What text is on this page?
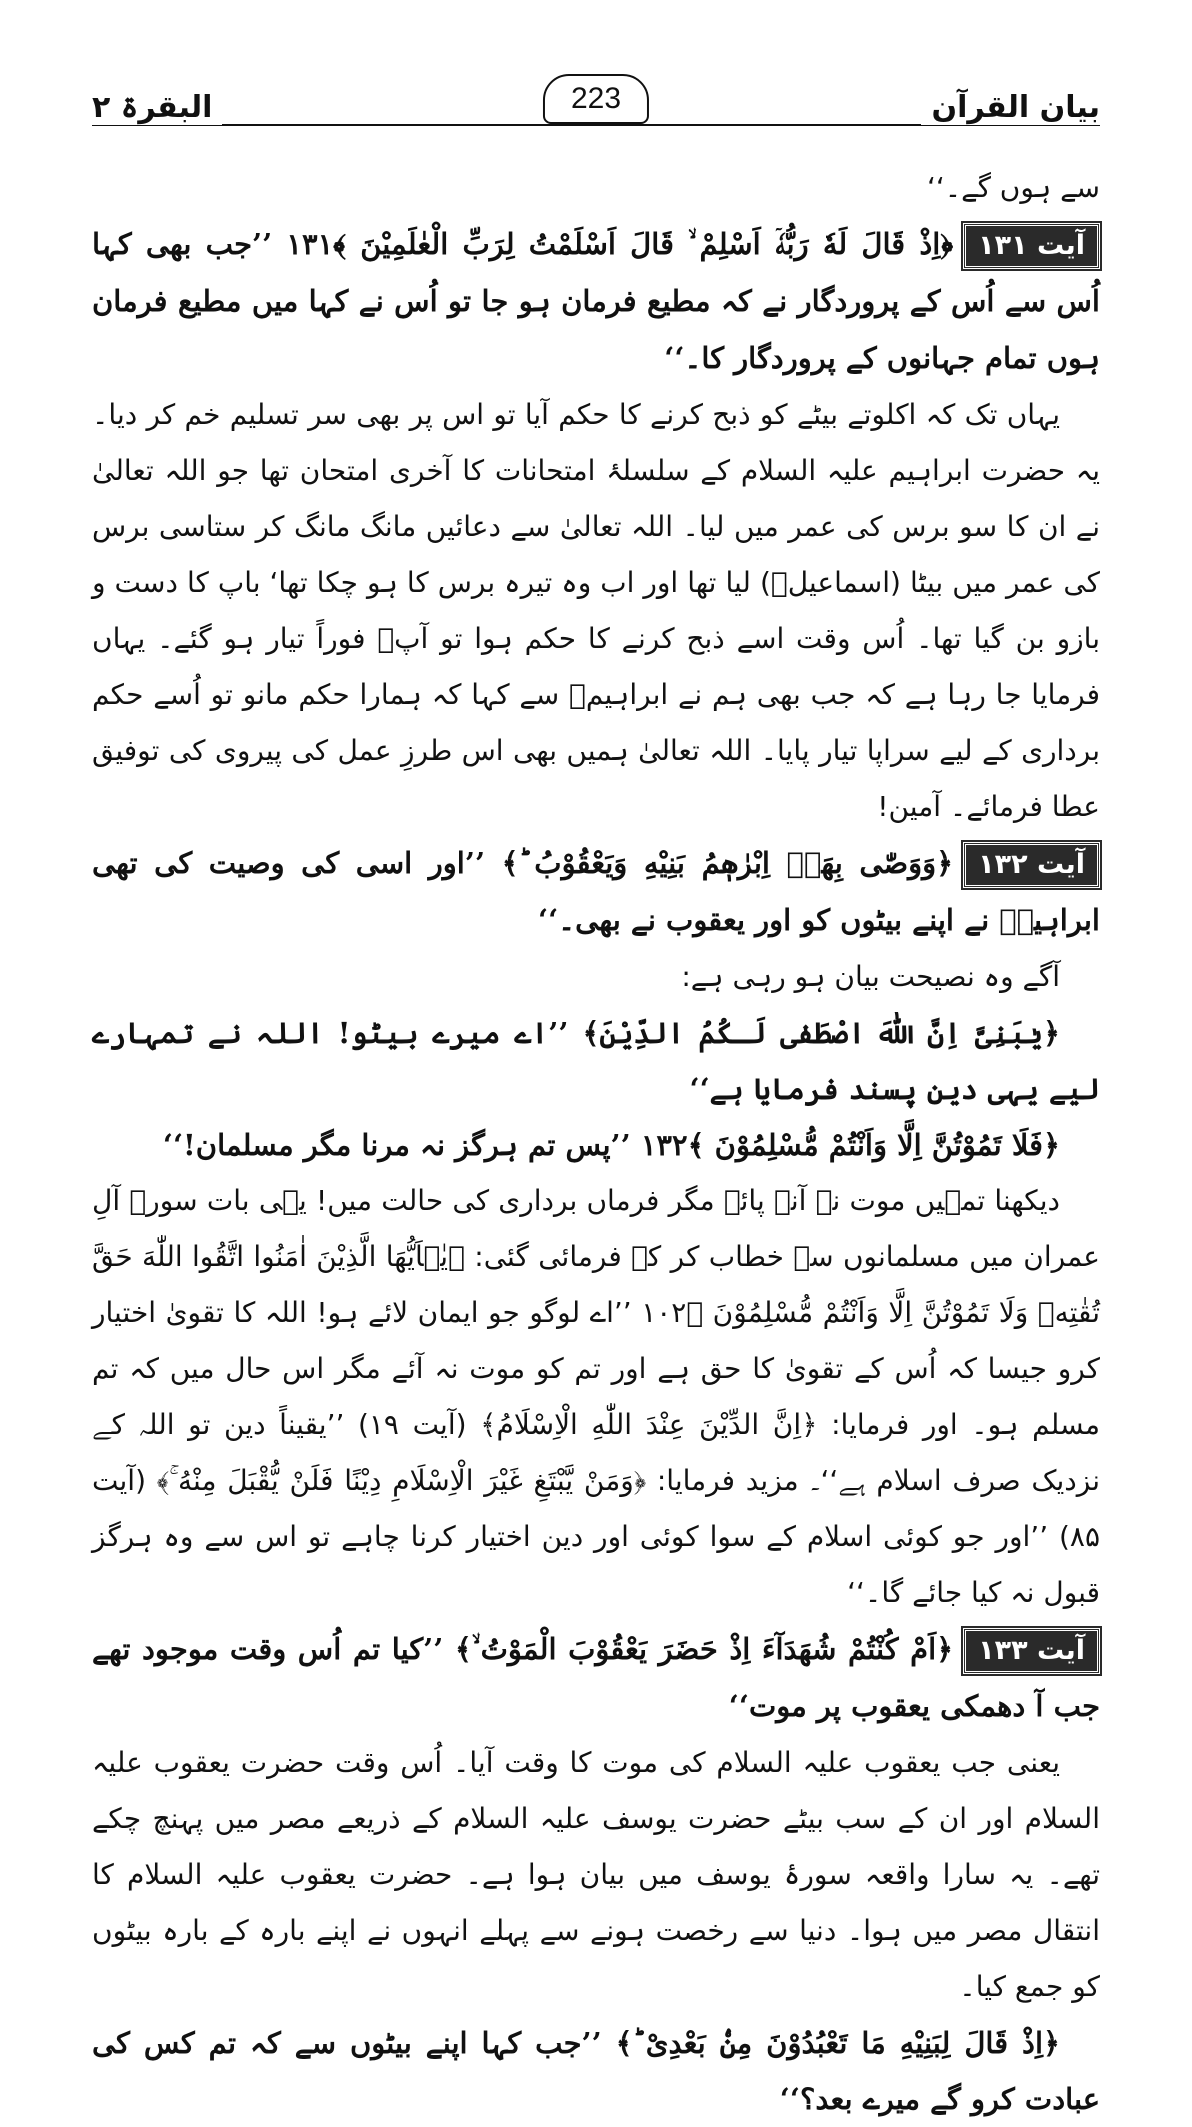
بیان القرآن
223
البقرۃ ٢

سے ہوں گے۔‘‘

آیت ۱۳۱﴿اِذْ قَالَ لَهٗ رَبُّهٗۤ اَسْلِمْ ۙ قَالَ اَسْلَمْتُ لِرَبِّ الْعٰلَمِيْنَ ﴾۱۳۱ ’’جب بھی کہا اُس سے اُس کے پروردگار نے کہ مطیع فرمان ہو جا تو اُس نے کہا میں مطیع فرمان ہوں تمام جہانوں کے پروردگار کا۔‘‘

یہاں تک کہ اکلوتے بیٹے کو ذبح کرنے کا حکم آیا تو اس پر بھی سر تسلیم خم کر دیا۔ یہ حضرت ابراہیم علیہ السلام کے سلسلۂ امتحانات کا آخری امتحان تھا جو اللہ تعالیٰ نے ان کا سو برس کی عمر میں لیا۔ اللہ تعالیٰ سے دعائیں مانگ مانگ کر ستاسی برس کی عمر میں بیٹا (اسماعیلؑ) لیا تھا اور اب وہ تیرہ برس کا ہو چکا تھا‘ باپ کا دست و بازو بن گیا تھا۔ اُس وقت اسے ذبح کرنے کا حکم ہوا تو آپؑ فوراً تیار ہو گئے۔ یہاں فرمایا جا رہا ہے کہ جب بھی ہم نے ابراہیمؑ سے کہا کہ ہمارا حکم مانو تو اُسے حکم برداری کے لیے سراپا تیار پایا۔ اللہ تعالیٰ ہمیں بھی اس طرزِ عمل کی پیروی کی توفیق عطا فرمائے۔ آمین!

آیت ۱۳۲﴿وَوَصّٰى بِهَاۤ اِبْرٰهٖمُ بَنِيْهِ وَيَعْقُوْبُ ؕ﴾ ’’اور اسی کی وصیت کی تھی ابراہیمؑ نے اپنے بیٹوں کو اور یعقوب نے بھی۔‘‘

آگے وہ نصیحت بیان ہو رہی ہے:

﴿يٰبَنِىَّ اِنَّ اللّٰهَ اصْطَفٰى لَـكُمُ الدِّيْنَ﴾ ’’اے میرے بیٹو! اللہ نے تمہارے لیے یہی دین پسند فرمایا ہے‘‘

﴿فَلَا تَمُوْتُنَّ اِلَّا وَاَنْتُمْ مُّسْلِمُوْنَ ﴾۱۳۲ ’’پس تم ہرگز نہ مرنا مگر مسلمان!‘‘

دیکھنا تمہیں موت نہ آنے پائے مگر فرماں برداری کی حالت میں! یہی بات سورۂ آلِ عمران میں مسلمانوں سے خطاب کر کے فرمائی گئی: ﴿يٰۤاَيُّهَا الَّذِيْنَ اٰمَنُوا اتَّقُوا اللّٰهَ حَقَّ تُقٰتِهٖ وَلَا تَمُوْتُنَّ اِلَّا وَاَنْتُمْ مُّسْلِمُوْنَ ﴾۱۰۲ ’’اے لوگو جو ایمان لائے ہو! اللہ کا تقویٰ اختیار کرو جیسا کہ اُس کے تقویٰ کا حق ہے اور تم کو موت نہ آئے مگر اس حال میں کہ تم مسلم ہو۔ اور فرمایا: ﴿اِنَّ الدِّيْنَ عِنْدَ اللّٰهِ الْاِسْلَامُ﴾ (آیت ۱۹) ’’یقیناً دین تو اللہ کے نزدیک صرف اسلام ہے‘‘۔ مزید فرمایا: ﴿وَمَنْ يَّبْتَغِ غَيْرَ الْاِسْلَامِ دِيْنًا فَلَنْ يُّقْبَلَ مِنْهُ ۚ﴾ (آیت ۸۵) ’’اور جو کوئی اسلام کے سوا کوئی اور دین اختیار کرنا چاہے تو اس سے وہ ہرگز قبول نہ کیا جائے گا۔‘‘

آیت ۱۳۳﴿اَمْ كُنْتُمْ شُهَدَآءَ اِذْ حَضَرَ يَعْقُوْبَ الْمَوْتُ ۙ﴾ ’’کیا تم اُس وقت موجود تھے جب آ دھمکی یعقوب پر موت‘‘

یعنی جب یعقوب علیہ السلام کی موت کا وقت آیا۔ اُس وقت حضرت یعقوب علیہ السلام اور ان کے سب بیٹے حضرت یوسف علیہ السلام کے ذریعے مصر میں پہنچ چکے تھے۔ یہ سارا واقعہ سورۂ یوسف میں بیان ہوا ہے۔ حضرت یعقوب علیہ السلام کا انتقال مصر میں ہوا۔ دنیا سے رخصت ہونے سے پہلے انہوں نے اپنے بارہ کے بارہ بیٹوں کو جمع کیا۔

﴿اِذْ قَالَ لِبَنِيْهِ مَا تَعْبُدُوْنَ مِنْۢ بَعْدِىْ ؕ﴾ ’’جب کہا اپنے بیٹوں سے کہ تم کس کی عبادت کرو گے میرے بعد؟‘‘
